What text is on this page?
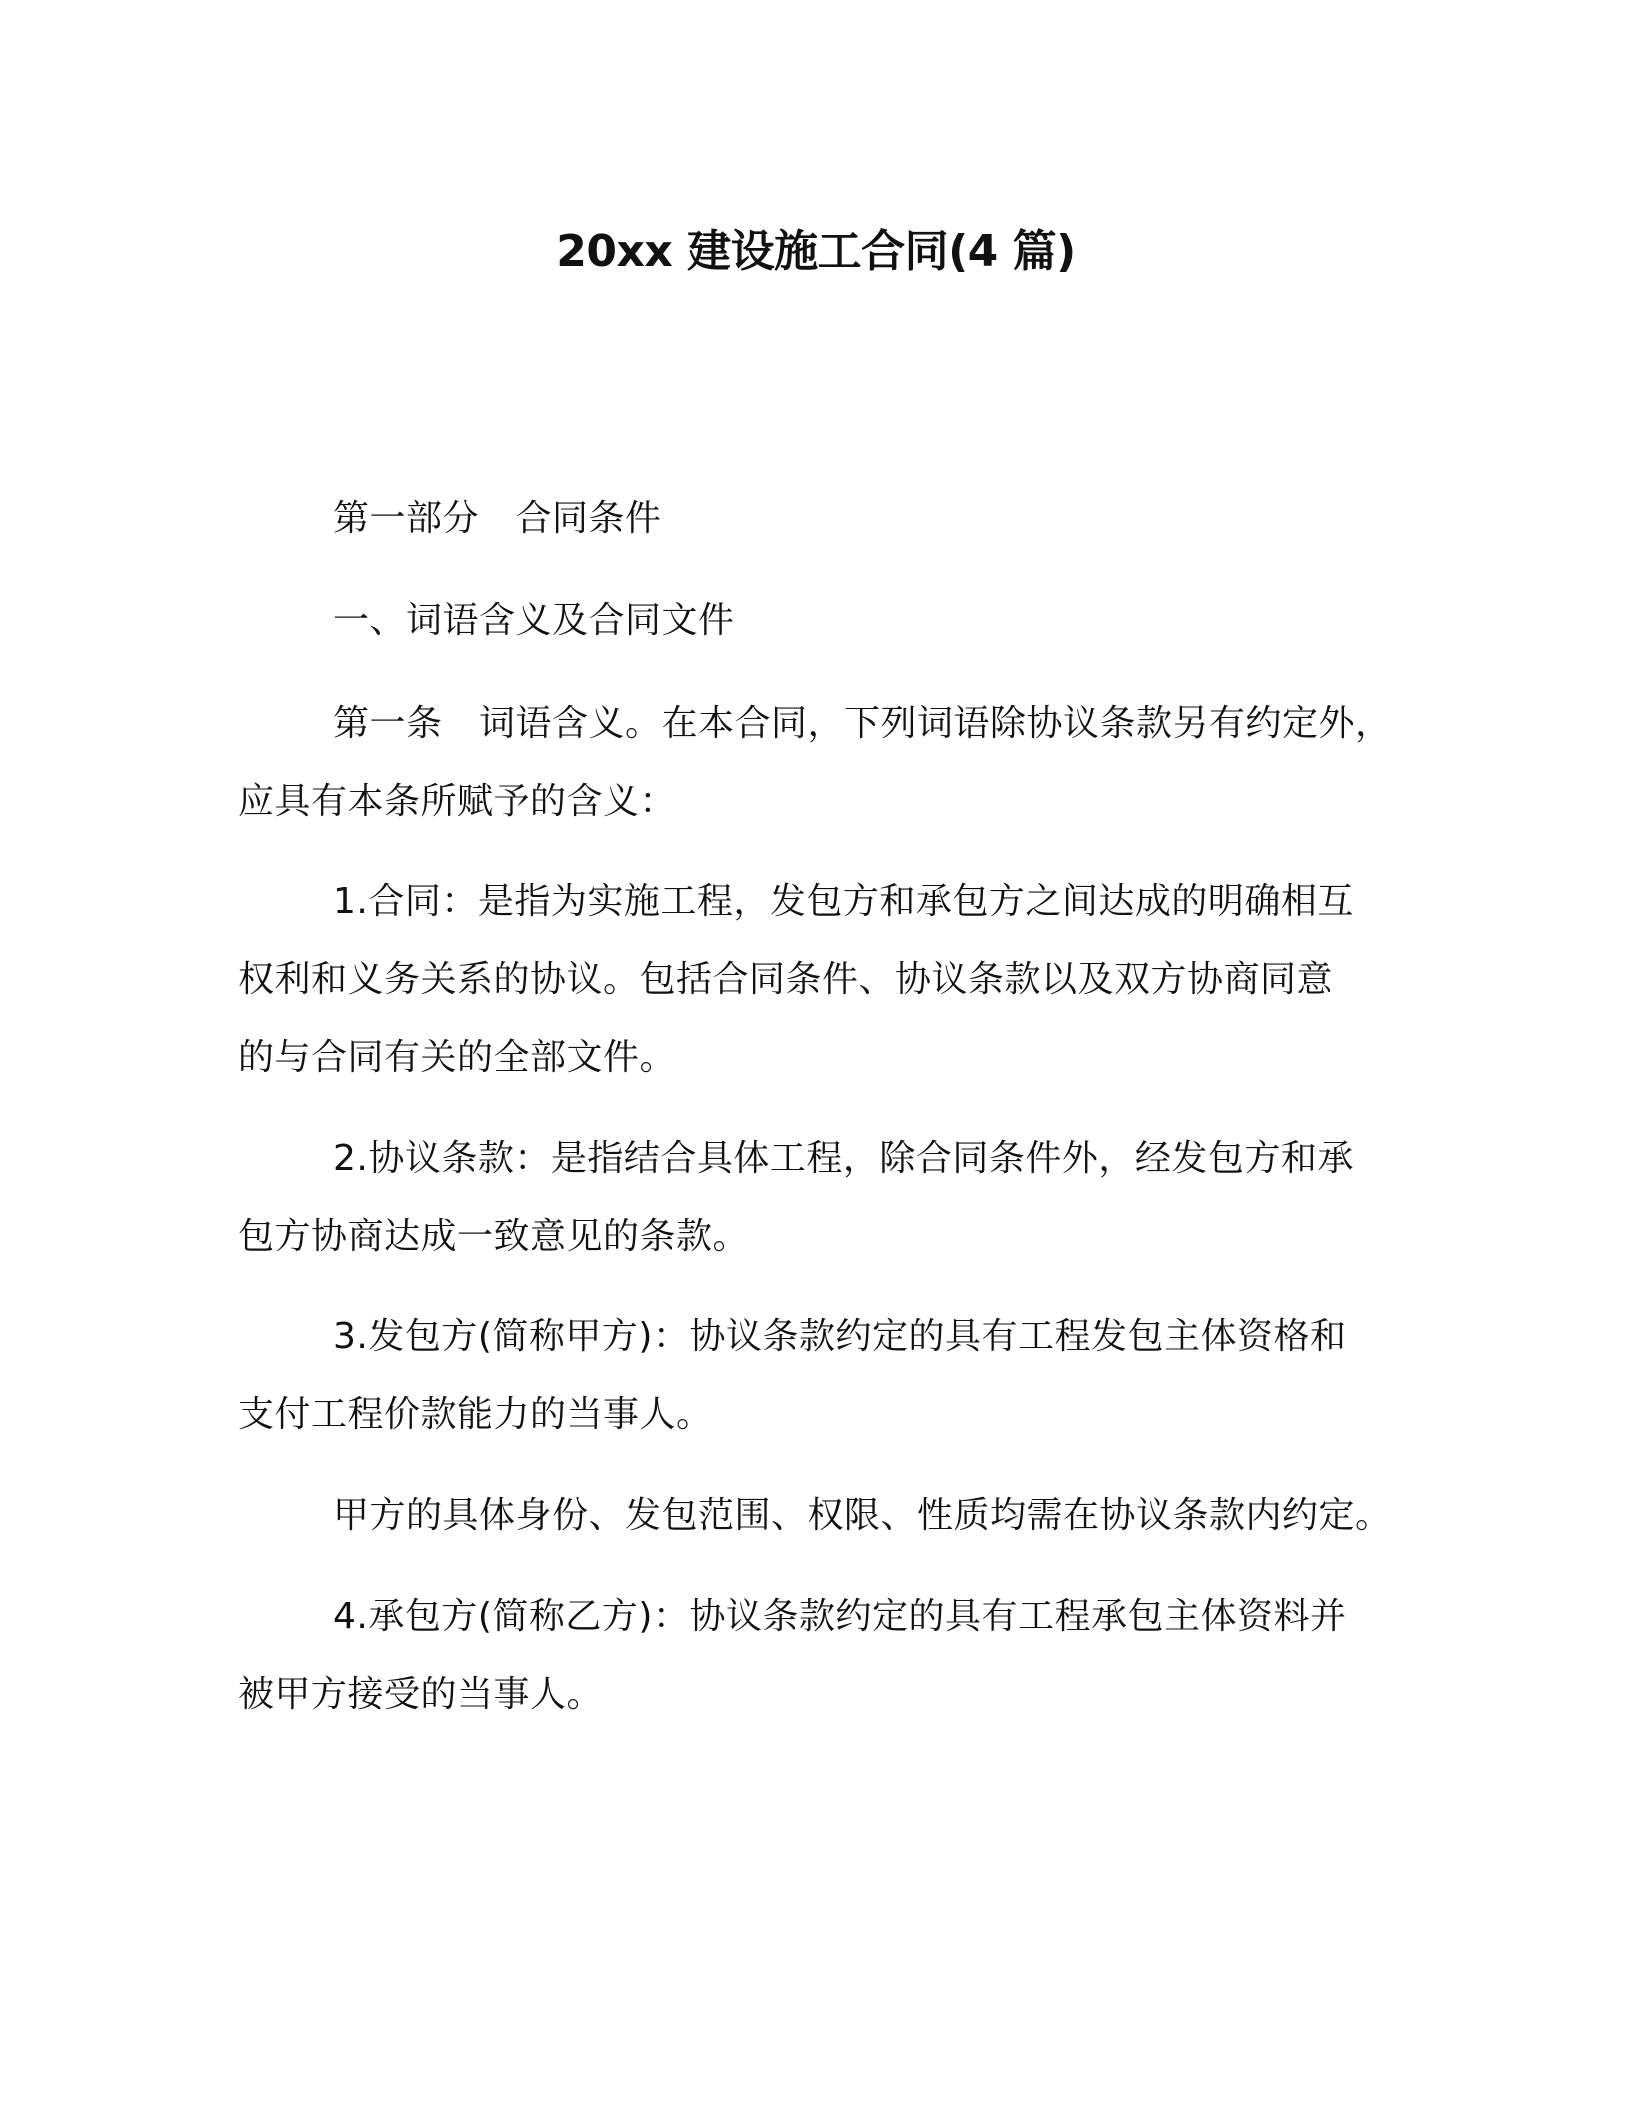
20xx 建设施工合同(4 篇)
第一部分　合同条件
一、词语含义及合同文件
第一条　词语含义。在本合同，下列词语除协议条款另有约定外，
应具有本条所赋予的含义：
1.合同：是指为实施工程，发包方和承包方之间达成的明确相互
权利和义务关系的协议。包括合同条件、协议条款以及双方协商同意
的与合同有关的全部文件。
2.协议条款：是指结合具体工程，除合同条件外，经发包方和承
包方协商达成一致意见的条款。
3.发包方(简称甲方)：协议条款约定的具有工程发包主体资格和
支付工程价款能力的当事人。
甲方的具体身份、发包范围、权限、性质均需在协议条款内约定。
4.承包方(简称乙方)：协议条款约定的具有工程承包主体资料并
被甲方接受的当事人。
